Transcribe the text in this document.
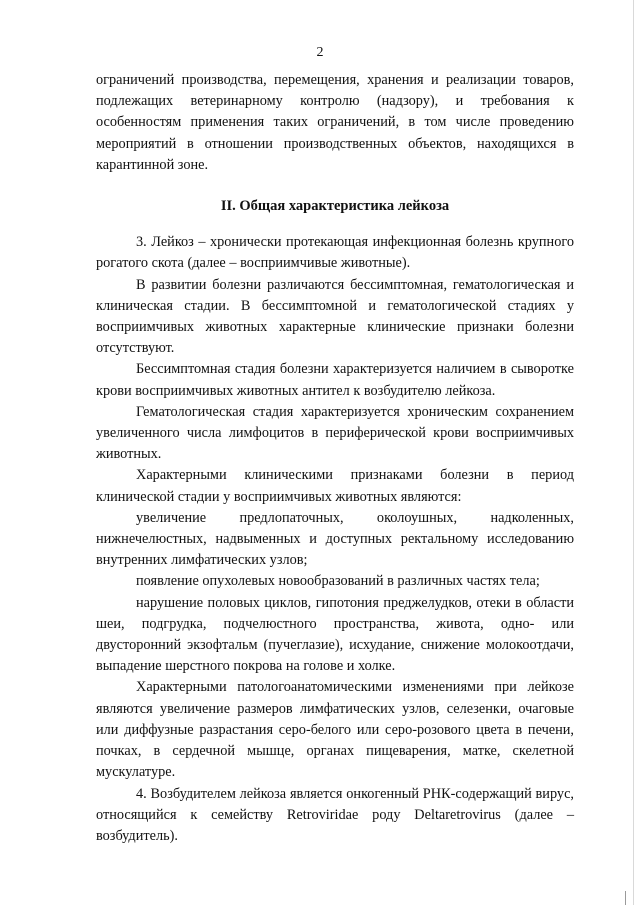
2

ограничений производства, перемещения, хранения и реализации товаров, подлежащих ветеринарному контролю (надзору), и требования к особенностям применения таких ограничений, в том числе проведению мероприятий в отношении производственных объектов, находящихся в карантинной зоне.

II. Общая характеристика лейкоза

3. Лейкоз – хронически протекающая инфекционная болезнь крупного рогатого скота (далее – восприимчивые животные).

В развитии болезни различаются бессимптомная, гематологическая и клиническая стадии. В бессимптомной и гематологической стадиях у восприимчивых животных характерные клинические признаки болезни отсутствуют.

Бессимптомная стадия болезни характеризуется наличием в сыворотке крови восприимчивых животных антител к возбудителю лейкоза.

Гематологическая стадия характеризуется хроническим сохранением увеличенного числа лимфоцитов в периферической крови восприимчивых животных.

Характерными клиническими признаками болезни в период клинической стадии у восприимчивых животных являются:

увеличение предлопаточных, околоушных, надколенных, нижнечелюстных, надвыменных и доступных ректальному исследованию внутренних лимфатических узлов;

появление опухолевых новообразований в различных частях тела;

нарушение половых циклов, гипотония преджелудков, отеки в области шеи, подгрудка, подчелюстного пространства, живота, одно- или двусторонний экзофтальм (пучеглазие), исхудание, снижение молокоотдачи, выпадение шерстного покрова на голове и холке.

Характерными патологоанатомическими изменениями при лейкозе являются увеличение размеров лимфатических узлов, селезенки, очаговые или диффузные разрастания серо-белого или серо-розового цвета в печени, почках, в сердечной мышце, органах пищеварения, матке, скелетной мускулатуре.

4. Возбудителем лейкоза является онкогенный РНК-содержащий вирус, относящийся к семейству Retroviridae роду Deltaretrovirus (далее – возбудитель).
